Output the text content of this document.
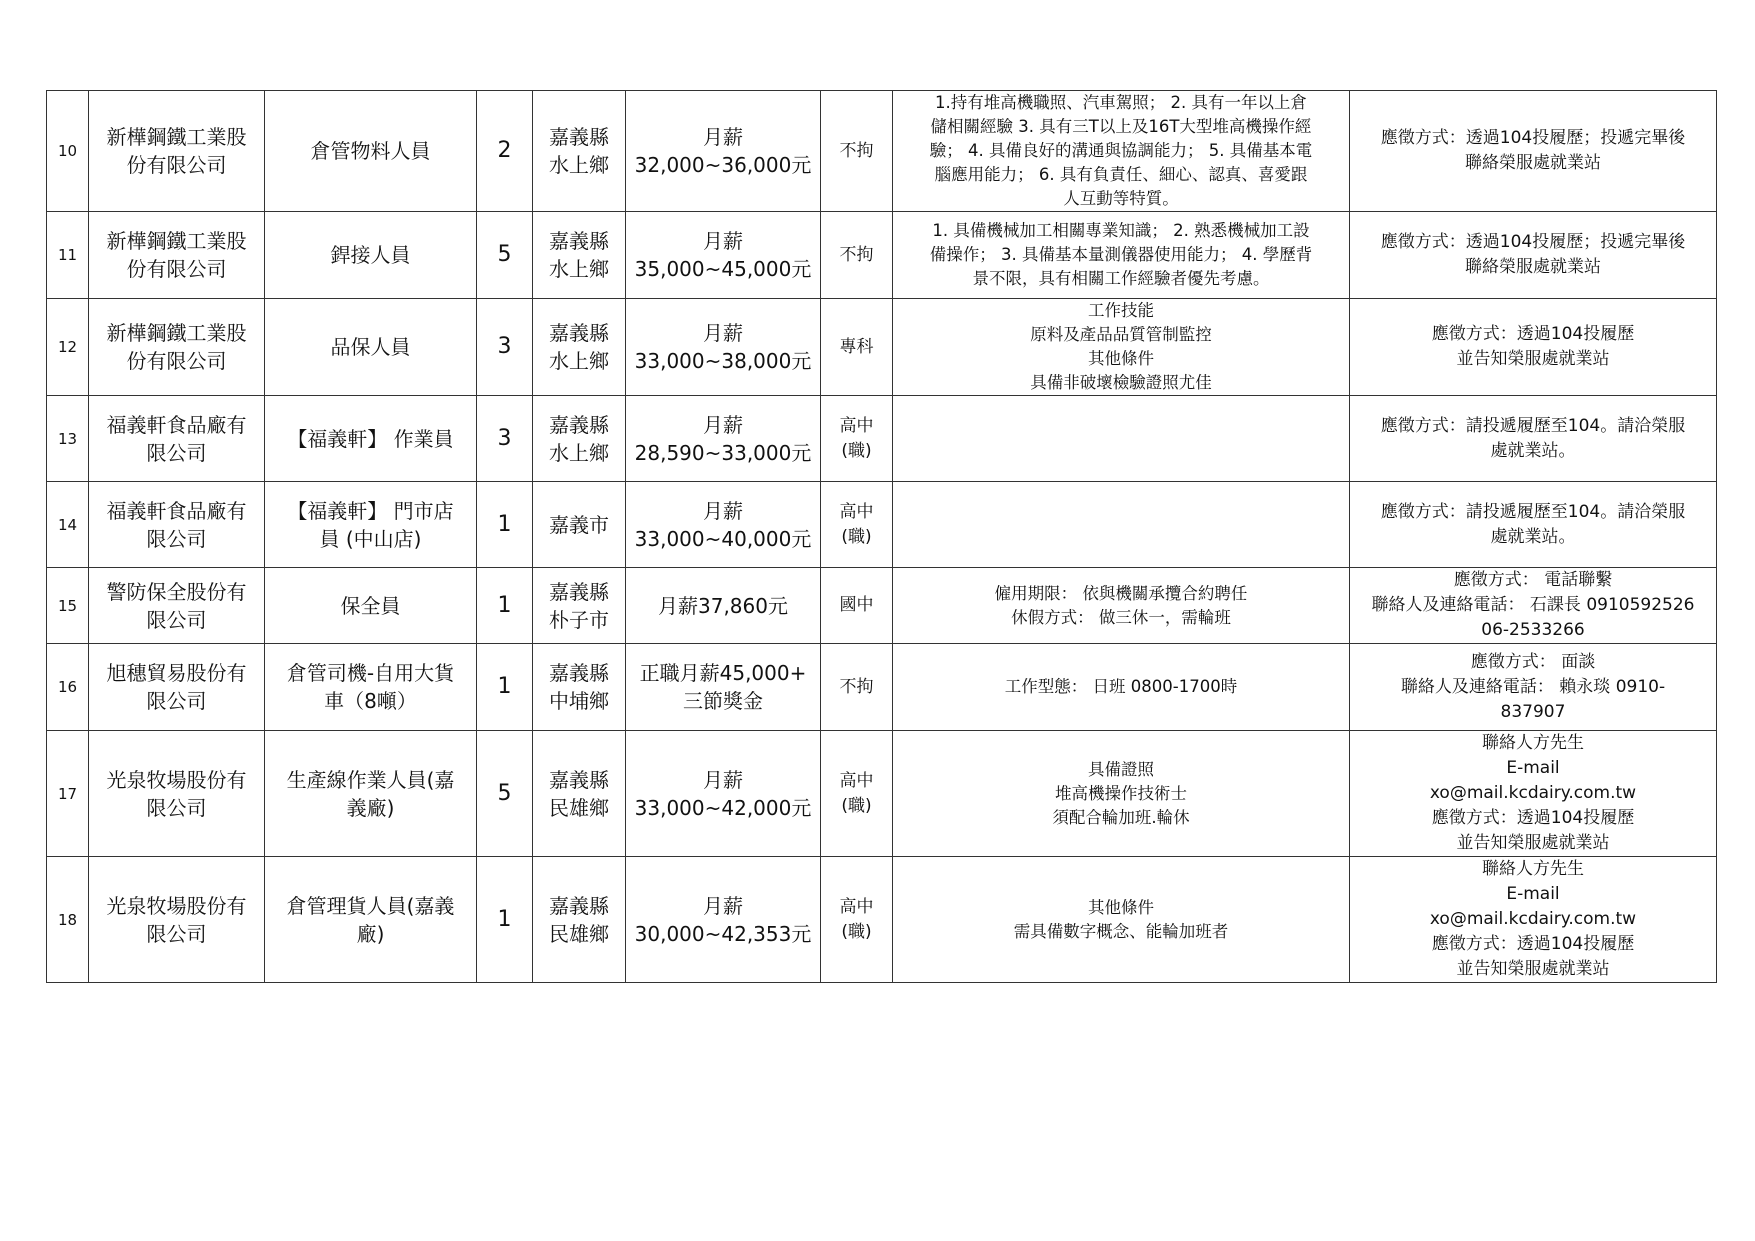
10	新樺鋼鐵工業股
份有限公司	倉管物料人員	2	嘉義縣
水上鄉	月薪
32,000~36,000元	不拘	1.持有堆高機職照、汽車駕照； 2. 具有一年以上倉
儲相關經驗 3. 具有三T以上及16T大型堆高機操作經
驗； 4. 具備良好的溝通與協調能力； 5. 具備基本電
腦應用能力； 6. 具有負責任、細心、認真、喜愛跟
人互動等特質。	應徵方式：透過104投履歷；投遞完畢後
聯絡榮服處就業站

11	新樺鋼鐵工業股
份有限公司	銲接人員	5	嘉義縣
水上鄉	月薪
35,000~45,000元	不拘	1. 具備機械加工相關專業知識； 2. 熟悉機械加工設
備操作； 3. 具備基本量測儀器使用能力； 4. 學歷背
景不限，具有相關工作經驗者優先考慮。	應徵方式：透過104投履歷；投遞完畢後
聯絡榮服處就業站

12	新樺鋼鐵工業股
份有限公司	品保人員	3	嘉義縣
水上鄉	月薪
33,000~38,000元	專科	工作技能
原料及產品品質管制監控
其他條件
具備非破壞檢驗證照尤佳	應徵方式：透過104投履歷
並告知榮服處就業站

13	福義軒食品廠有
限公司	【福義軒】 作業員	3	嘉義縣
水上鄉	月薪
28,590~33,000元	高中
(職)		應徵方式：請投遞履歷至104。請洽榮服
處就業站。

14	福義軒食品廠有
限公司	【福義軒】 門市店
員 (中山店)	1	嘉義市	月薪
33,000~40,000元	高中
(職)		應徵方式：請投遞履歷至104。請洽榮服
處就業站。

15	警防保全股份有
限公司	保全員	1	嘉義縣
朴子市	月薪37,860元	國中	僱用期限： 依與機關承攬合約聘任
休假方式： 做三休一，需輪班	應徵方式： 電話聯繫
聯絡人及連絡電話： 石課長 0910592526
06-2533266

16	旭穗貿易股份有
限公司	倉管司機-自用大貨
車（8噸）	1	嘉義縣
中埔鄉	正職月薪45,000+
三節獎金	不拘	工作型態： 日班 0800-1700時	應徵方式： 面談
聯絡人及連絡電話： 賴永琰 0910-
837907

17	光泉牧場股份有
限公司	生產線作業人員(嘉
義廠)	5	嘉義縣
民雄鄉	月薪
33,000~42,000元	高中
(職)	具備證照
堆高機操作技術士
須配合輪加班.輪休	聯絡人方先生
E-mail
xo@mail.kcdairy.com.tw
應徵方式：透過104投履歷
並告知榮服處就業站

18	光泉牧場股份有
限公司	倉管理貨人員(嘉義
廠)	1	嘉義縣
民雄鄉	月薪
30,000~42,353元	高中
(職)	其他條件
需具備數字概念、能輪加班者	聯絡人方先生
E-mail
xo@mail.kcdairy.com.tw
應徵方式：透過104投履歷
並告知榮服處就業站
